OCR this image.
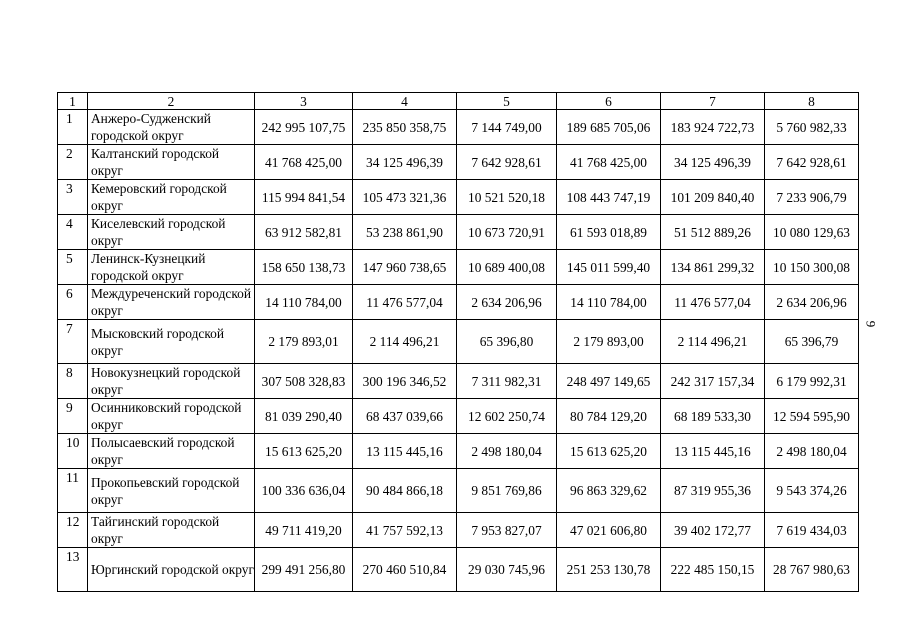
1	2	3	4	5	6	7	8
1	Анжеро-Судженский городской округ	242 995 107,75	235 850 358,75	7 144 749,00	189 685 705,06	183 924 722,73	5 760 982,33
2	Калтанский городской округ	41 768 425,00	34 125 496,39	7 642 928,61	41 768 425,00	34 125 496,39	7 642 928,61
3	Кемеровский городской округ	115 994 841,54	105 473 321,36	10 521 520,18	108 443 747,19	101 209 840,40	7 233 906,79
4	Киселевский городской округ	63 912 582,81	53 238 861,90	10 673 720,91	61 593 018,89	51 512 889,26	10 080 129,63
5	Ленинск-Кузнецкий городской округ	158 650 138,73	147 960 738,65	10 689 400,08	145 011 599,40	134 861 299,32	10 150 300,08
6	Междуреченский городской округ	14 110 784,00	11 476 577,04	2 634 206,96	14 110 784,00	11 476 577,04	2 634 206,96
7	Мысковский городской округ	2 179 893,01	2 114 496,21	65 396,80	2 179 893,00	2 114 496,21	65 396,79
8	Новокузнецкий городской округ	307 508 328,83	300 196 346,52	7 311 982,31	248 497 149,65	242 317 157,34	6 179 992,31
9	Осинниковский городской округ	81 039 290,40	68 437 039,66	12 602 250,74	80 784 129,20	68 189 533,30	12 594 595,90
10	Полысаевский городской округ	15 613 625,20	13 115 445,16	2 498 180,04	15 613 625,20	13 115 445,16	2 498 180,04
11	Прокопьевский городской округ	100 336 636,04	90 484 866,18	9 851 769,86	96 863 329,62	87 319 955,36	9 543 374,26
12	Тайгинский городской округ	49 711 419,20	41 757 592,13	7 953 827,07	47 021 606,80	39 402 172,77	7 619 434,03
13	Юргинский городской округ	299 491 256,80	270 460 510,84	29 030 745,96	251 253 130,78	222 485 150,15	28 767 980,63
9
